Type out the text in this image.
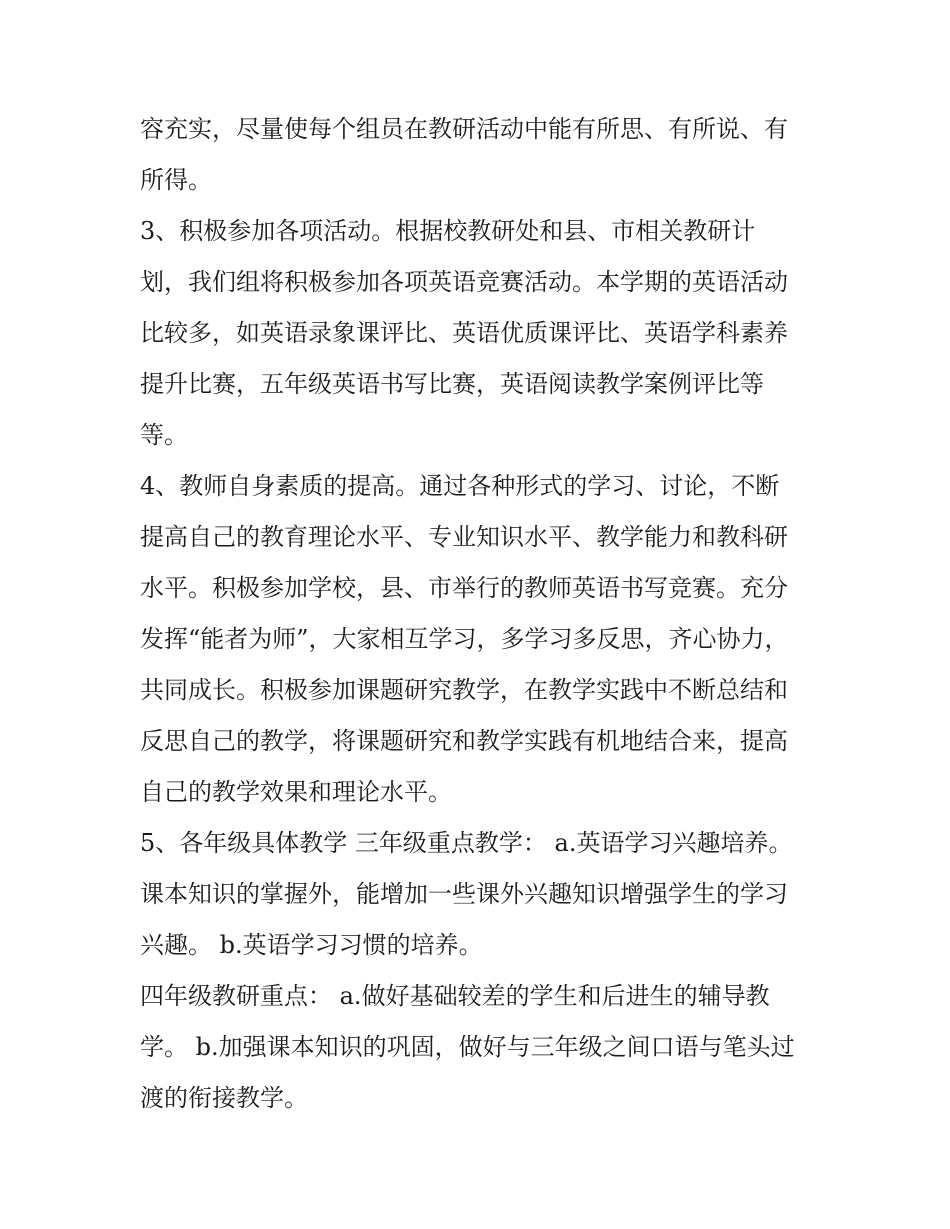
容充实，尽量使每个组员在教研活动中能有所思、有所说、有
所得。
3、积极参加各项活动。根据校教研处和县、市相关教研计
划，我们组将积极参加各项英语竞赛活动。本学期的英语活动
比较多，如英语录象课评比、英语优质课评比、英语学科素养
提升比赛，五年级英语书写比赛，英语阅读教学案例评比等
等。
4、教师自身素质的提高。通过各种形式的学习、讨论，不断
提高自己的教育理论水平、专业知识水平、教学能力和教科研
水平。积极参加学校，县、市举行的教师英语书写竞赛。充分
发挥“能者为师”，大家相互学习，多学习多反思，齐心协力，
共同成长。积极参加课题研究教学，在教学实践中不断总结和
反思自己的教学，将课题研究和教学实践有机地结合来，提高
自己的教学效果和理论水平。
5、各年级具体教学 三年级重点教学： a.英语学习兴趣培养。
课本知识的掌握外，能增加一些课外兴趣知识增强学生的学习
兴趣。 b.英语学习习惯的培养。
四年级教研重点： a.做好基础较差的学生和后进生的辅导教
学。 b.加强课本知识的巩固，做好与三年级之间口语与笔头过
渡的衔接教学。
